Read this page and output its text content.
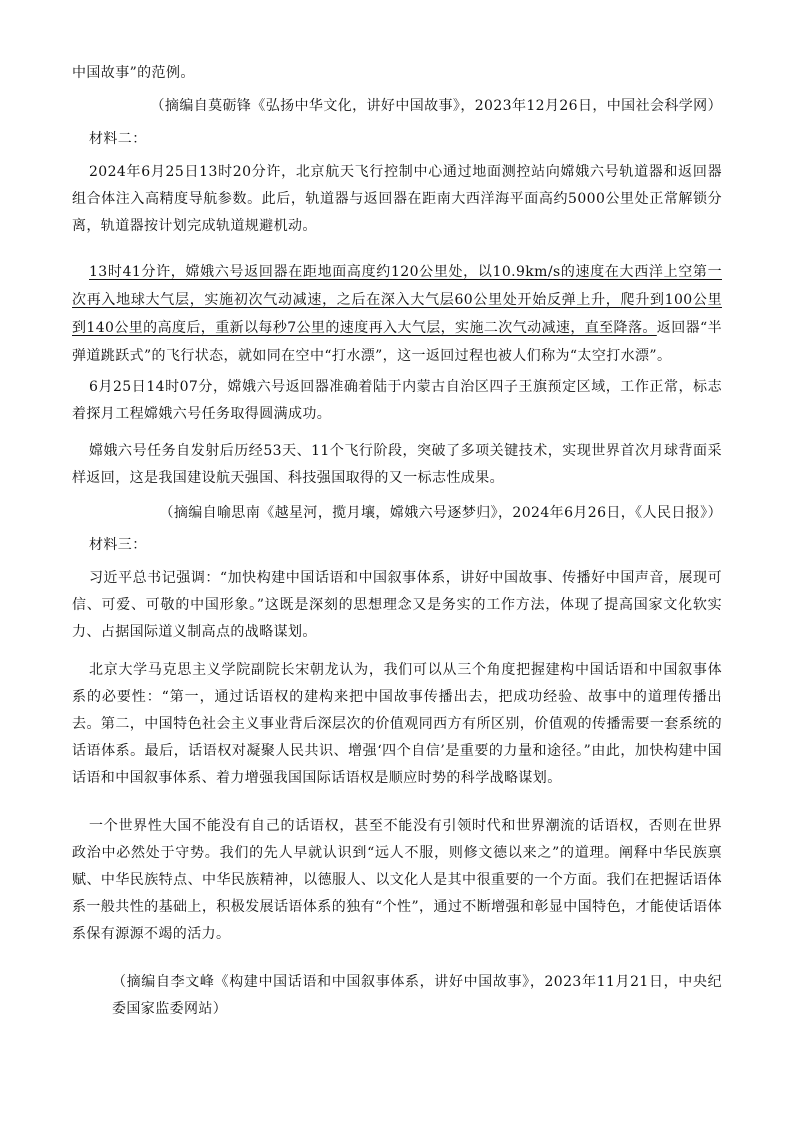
中国故事”的范例。

（摘编自莫砺锋《弘扬中华文化，讲好中国故事》，2023年12月26日，中国社会科学网）

材料二：

2024年6月25日13时20分许，北京航天飞行控制中心通过地面测控站向嫦娥六号轨道器和返回器组合体注入高精度导航参数。此后，轨道器与返回器在距南大西洋海平面高约5000公里处正常解锁分离，轨道器按计划完成轨道规避机动。

13时41分许，嫦娥六号返回器在距地面高度约120公里处，以10.9km/s的速度在大西洋上空第一次再入地球大气层，实施初次气动减速，之后在深入大气层60公里处开始反弹上升，爬升到100公里到140公里的高度后，重新以每秒7公里的速度再入大气层，实施二次气动减速，直至降落。返回器“半弹道跳跃式”的飞行状态，就如同在空中“打水漂”，这一返回过程也被人们称为“太空打水漂”。

6月25日14时07分，嫦娥六号返回器准确着陆于内蒙古自治区四子王旗预定区域，工作正常，标志着探月工程嫦娥六号任务取得圆满成功。

嫦娥六号任务自发射后历经53天、11个飞行阶段，突破了多项关键技术，实现世界首次月球背面采样返回，这是我国建设航天强国、科技强国取得的又一标志性成果。

（摘编自喻思南《越星河，揽月壤，嫦娥六号逐梦归》，2024年6月26日，《人民日报》）

材料三：

习近平总书记强调：“加快构建中国话语和中国叙事体系，讲好中国故事、传播好中国声音，展现可信、可爱、可敬的中国形象。”这既是深刻的思想理念又是务实的工作方法，体现了提高国家文化软实力、占据国际道义制高点的战略谋划。

北京大学马克思主义学院副院长宋朝龙认为，我们可以从三个角度把握建构中国话语和中国叙事体系的必要性：“第一，通过话语权的建构来把中国故事传播出去，把成功经验、故事中的道理传播出去。第二，中国特色社会主义事业背后深层次的价值观同西方有所区别，价值观的传播需要一套系统的话语体系。最后，话语权对凝聚人民共识、增强‘四个自信’是重要的力量和途径。”由此，加快构建中国话语和中国叙事体系、着力增强我国国际话语权是顺应时势的科学战略谋划。

一个世界性大国不能没有自己的话语权，甚至不能没有引领时代和世界潮流的话语权，否则在世界政治中必然处于守势。我们的先人早就认识到“远人不服，则修文德以来之”的道理。阐释中华民族禀赋、中华民族特点、中华民族精神，以德服人、以文化人是其中很重要的一个方面。我们在把握话语体系一般共性的基础上，积极发展话语体系的独有“个性”，通过不断增强和彰显中国特色，才能使话语体系保有源源不竭的活力。

（摘编自李文峰《构建中国话语和中国叙事体系，讲好中国故事》，2023年11月21日，中央纪委国家监委网站）
